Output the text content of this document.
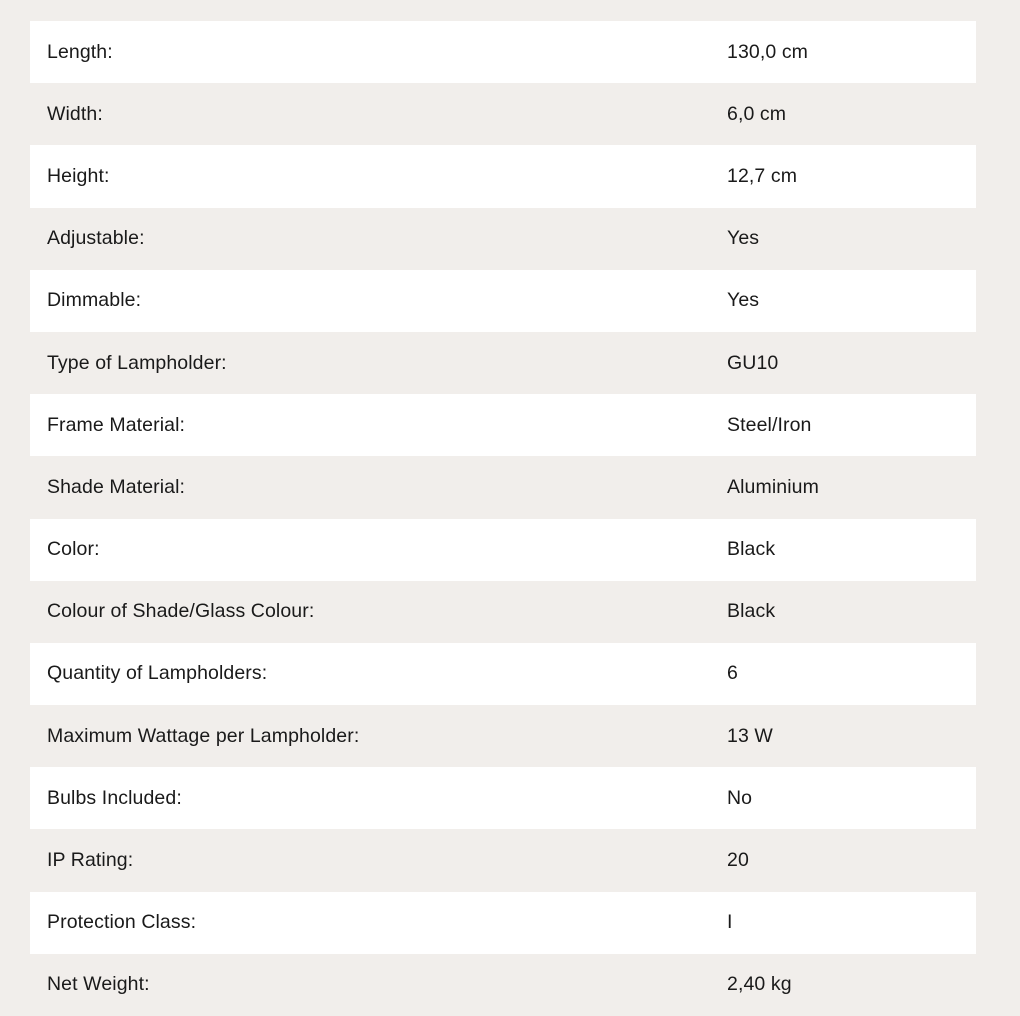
Length:	130,0 cm
Width:	6,0 cm
Height:	12,7 cm
Adjustable:	Yes
Dimmable:	Yes
Type of Lampholder:	GU10
Frame Material:	Steel/Iron
Shade Material:	Aluminium
Color:	Black
Colour of Shade/Glass Colour:	Black
Quantity of Lampholders:	6
Maximum Wattage per Lampholder:	13 W
Bulbs Included:	No
IP Rating:	20
Protection Class:	I
Net Weight:	2,40 kg
